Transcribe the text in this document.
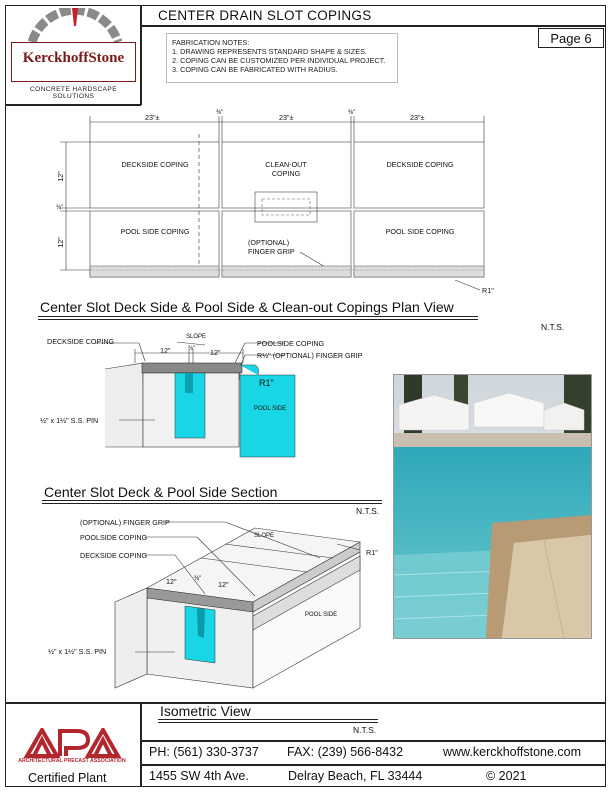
KerckhoffStone
CONCRETE HARDSCAPE SOLUTIONS
CENTER DRAIN SLOT COPINGS
Page 6
FABRICATION NOTES:
1. DRAWING REPRESENTS STANDARD SHAPE & SIZES.
2. COPING CAN BE CUSTOMIZED PER INDIVIDUAL PROJECT.
3. COPING CAN BE FABRICATED WITH RADIUS.
23"±	23"±	23"±
⅜"	⅜"
12"
12"
⅜"
DECKSIDE COPING	CLEAN-OUT COPING
DECKSIDE COPING
POOL SIDE COPING	POOL SIDE COPING
(OPTIONAL) FINGER GRIP
R1"
Center Slot Deck Side & Pool Side & Clean-out Copings Plan View
N.T.S.
DECKSIDE COPING	POOLSIDE COPING
R½" (OPTIONAL) FINGER GRIP
SLOPE
12"	12"
⅜"
R1"
POOL SIDE
½" x 1½" S.S. PIN
Center Slot Deck & Pool Side Section
N.T.S.
(OPTIONAL) FINGER GRIP
POOLSIDE COPING
DECKSIDE COPING
SLOPE
12"	12"
⅜"
R1"
POOL SIDE
½" x 1½" S.S. PIN
Isometric View
N.T.S.
ARCHITECTURAL PRECAST ASSOCIATION
Certified Plant
PH: (561) 330-3737 FAX: (239) 566-8432	www.kerckhoffstone.com
1455 SW 4th Ave.	Delray Beach, FL 33444	© 2021
